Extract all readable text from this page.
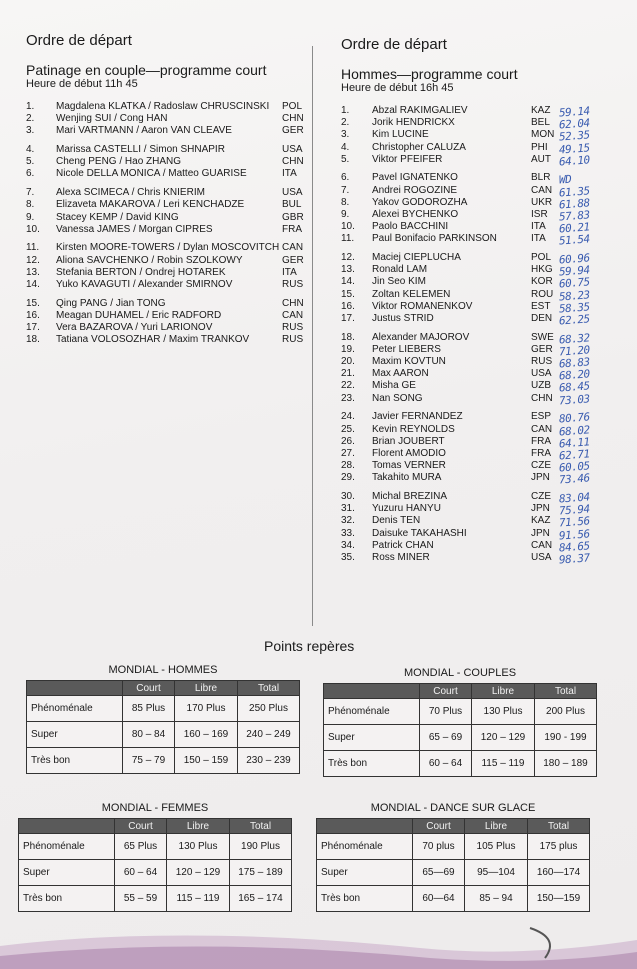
Ordre de départ
Patinage en couple—programme court
Heure de début 11h 45
1.	Magdalena KLATKA / Radoslaw CHRUSCINSKI	POL
2.	Wenjing SUI / Cong HAN	CHN
3.	Mari VARTMANN / Aaron VAN CLEAVE	GER
4.	Marissa CASTELLI / Simon SHNAPIR	USA
5.	Cheng PENG / Hao ZHANG	CHN
6.	Nicole DELLA MONICA / Matteo GUARISE	ITA
7.	Alexa SCIMECA / Chris KNIERIM	USA
8.	Elizaveta MAKAROVA / Leri KENCHADZE	BUL
9.	Stacey KEMP / David KING	GBR
10.	Vanessa JAMES / Morgan CIPRES	FRA
11.	Kirsten MOORE-TOWERS / Dylan MOSCOVITCH CAN
12.	Aliona SAVCHENKO / Robin SZOLKOWY	GER
13.	Stefania BERTON / Ondrej HOTAREK	ITA
14.	Yuko KAVAGUTI / Alexander SMIRNOV	RUS
15.	Qing PANG / Jian TONG	CHN
16.	Meagan DUHAMEL / Eric RADFORD	CAN
17.	Vera BAZAROVA / Yuri LARIONOV	RUS
18.	Tatiana VOLOSOZHAR / Maxim TRANKOV	RUS
Ordre de départ
Hommes—programme court
Heure de début 16h 45
1.	Abzal RAKIMGALIEV	KAZ 59.14
2.	Jorik HENDRICKX	BEL 62.04
3.	Kim LUCINE	MON 52.35
4.	Christopher CALUZA	PHI 49.15
5.	Viktor PFEIFER	AUT 64.10
6.	Pavel IGNATENKO	BLR WD
7.	Andrei ROGOZINE	CAN 61.35
8.	Yakov GODOROZHA	UKR 61.88
9.	Alexei BYCHENKO	ISR 57.83
10.	Paolo BACCHINI	ITA	60.21
11.	Paul Bonifacio PARKINSON	ITA	51.54
12.	Maciej CIEPLUCHA	POL 60.96
13.	Ronald LAM	HKG 59.94
14.	Jin Seo KIM	KOR 60.75
15.	Zoltan KELEMEN	ROU 58.23
16.	Viktor ROMANENKOV	EST 58.35
17.	Justus STRID	DEN 62.25
18.	Alexander MAJOROV	SWE 68.32
19.	Peter LIEBERS	GER 71.20
20.	Maxim KOVTUN	RUS 68.83
21.	Max AARON	USA 68.20
22.	Misha GE	UZB 68.45
23.	Nan SONG	CHN 73.03
24.	Javier FERNANDEZ	ESP 80.76
25.	Kevin REYNOLDS	CAN 68.02
26.	Brian JOUBERT	FRA 64.11
27.	Florent AMODIO	FRA 62.71
28.	Tomas VERNER	CZE 60.05
29.	Takahito MURA	JPN 73.46
30.	Michal BREZINA	CZE 83.04
31.	Yuzuru HANYU	JPN 75.94
32.	Denis TEN	KAZ 71.56
33.	Daisuke TAKAHASHI	JPN 91.56
34.	Patrick CHAN	CAN 84.65
35.	Ross MINER	USA 98.37
Points repères
MONDIAL - HOMMES
	Court	Libre	Total
Phénoménale	85 Plus	170 Plus	250 Plus
Super	80 – 84	160 – 169	240 – 249
Très bon	75 – 79	150 – 159	230 – 239
MONDIAL - COUPLES
	Court	Libre	Total
Phénoménale	70 Plus	130 Plus	200 Plus
Super	65 – 69	120 – 129	190 - 199
Très bon	60 – 64	115 – 119	180 – 189
MONDIAL - FEMMES
	Court	Libre	Total
Phénoménale	65 Plus	130 Plus	190 Plus
Super	60 – 64	120 – 129	175 – 189
Très bon	55 – 59	115 – 119	165 – 174
MONDIAL - DANCE SUR GLACE
	Court	Libre	Total
Phénoménale	70 plus	105 Plus	175 plus
Super	65—69	95—104	160—174
Très bon	60—64	85 – 94	150—159
